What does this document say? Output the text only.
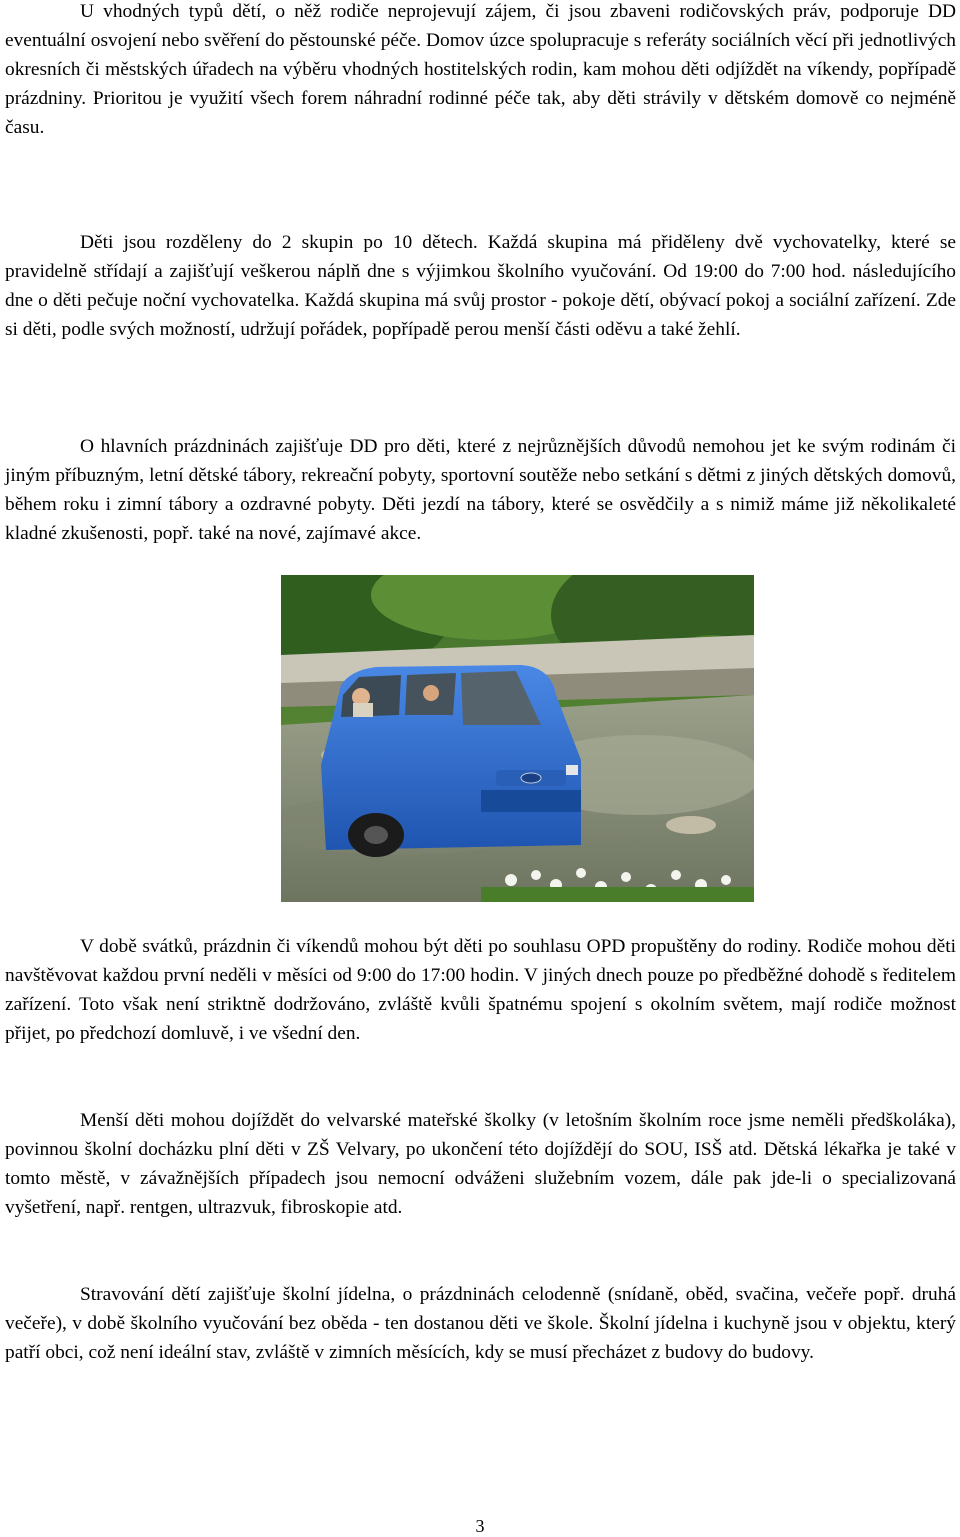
U vhodných typů dětí, o něž rodiče neprojevují zájem, či jsou zbaveni rodičovských práv, podporuje DD eventuální osvojení nebo svěření do pěstounské péče. Domov úzce spolupracuje s referáty sociálních věcí při jednotlivých okresních či městských úřadech na výběru vhodných hostitelských rodin, kam mohou děti odjíždět na víkendy, popřípadě prázdniny. Prioritou je využití všech forem náhradní rodinné péče tak, aby děti strávily v dětském domově co nejméně času.

Děti jsou rozděleny do 2 skupin po 10 dětech. Každá skupina má přiděleny dvě vychovatelky, které se pravidelně střídají a zajišťují veškerou náplň dne s výjimkou školního vyučování. Od 19:00 do 7:00 hod. následujícího dne o děti pečuje noční vychovatelka. Každá skupina má svůj prostor - pokoje dětí, obývací pokoj a sociální zařízení. Zde si děti, podle svých možností, udržují pořádek, popřípadě perou menší části oděvu a také žehlí.

O hlavních prázdninách zajišťuje DD pro děti, které z nejrůznějších důvodů nemohou jet ke svým rodinám či jiným příbuzným, letní dětské tábory, rekreační pobyty, sportovní soutěže nebo setkání s dětmi z jiných dětských domovů, během roku i zimní tábory a ozdravné pobyty. Děti jezdí na tábory, které se osvědčily a s nimiž máme již několikaleté kladné zkušenosti, popř. také na nové, zajímavé akce.

V době svátků, prázdnin či víkendů mohou být děti po souhlasu OPD propuštěny do rodiny. Rodiče mohou děti navštěvovat každou první neděli v měsíci od 9:00 do 17:00 hodin. V jiných dnech pouze po předběžné dohodě s ředitelem zařízení. Toto však není striktně dodržováno, zvláště kvůli špatnému spojení s okolním světem, mají rodiče možnost přijet, po předchozí domluvě, i ve všední den.

Menší děti mohou dojíždět do velvarské mateřské školky (v letošním školním roce jsme neměli předškoláka), povinnou školní docházku plní děti v ZŠ Velvary, po ukončení této dojíždějí do SOU, ISŠ atd. Dětská lékařka je také v tomto městě, v závažnějších případech jsou nemocní odváženi služebním vozem, dále pak jde-li o specializovaná vyšetření, např. rentgen, ultrazvuk, fibroskopie atd.

Stravování dětí zajišťuje školní jídelna, o prázdninách celodenně (snídaně, oběd, svačina, večeře popř. druhá večeře), v době školního vyučování bez oběda - ten dostanou děti ve škole. Školní jídelna i kuchyně jsou v objektu, který patří obci, což není ideální stav, zvláště v zimních měsících, kdy se musí přecházet z budovy do budovy.

3
